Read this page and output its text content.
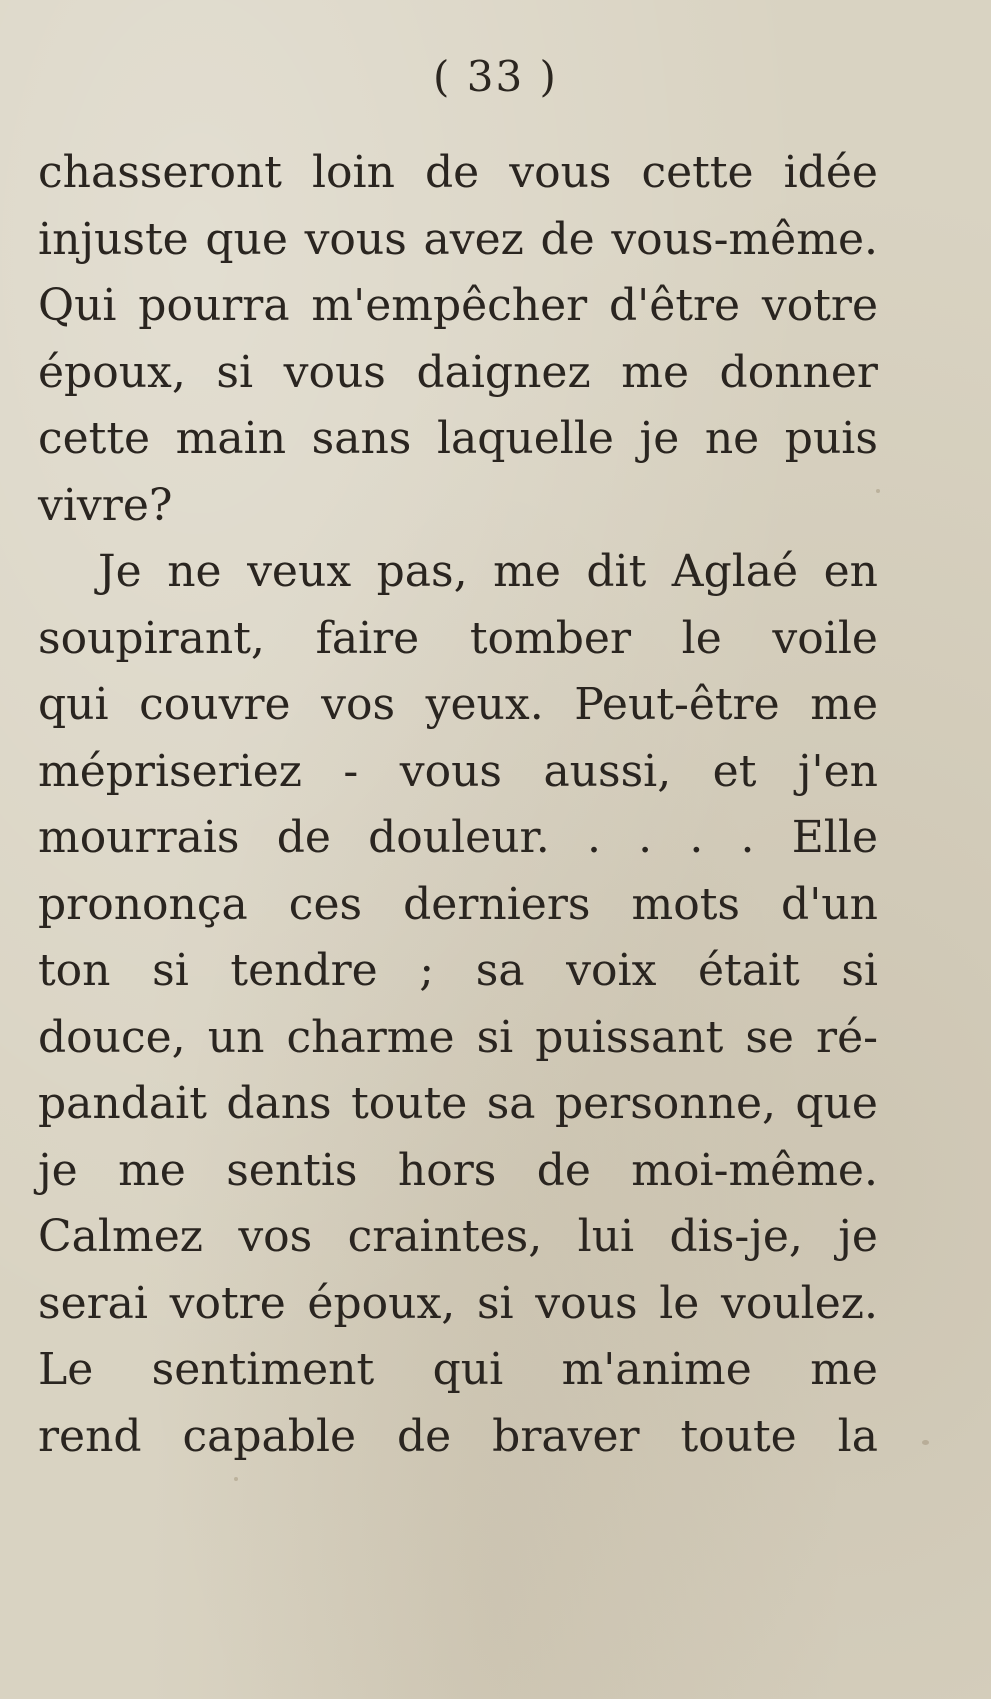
( 33 )
chasseront loin de vous cette idée
injuste que vous avez de vous-même.
Qui pourra m'empêcher d'être votre
époux, si vous daignez me donner
cette main sans laquelle je ne puis
vivre?
Je ne veux pas, me dit Aglaé en
soupirant, faire tomber le voile
qui couvre vos yeux. Peut-être me
mépriseriez - vous aussi, et j'en
mourrais de douleur. . . . . Elle
prononça ces derniers mots d'un
ton si tendre ; sa voix était si
douce, un charme si puissant se ré-
pandait dans toute sa personne, que
je me sentis hors de moi-même.
Calmez vos craintes, lui dis-je, je
serai votre époux, si vous le voulez.
Le sentiment qui m'anime me
rend capable de braver toute la
